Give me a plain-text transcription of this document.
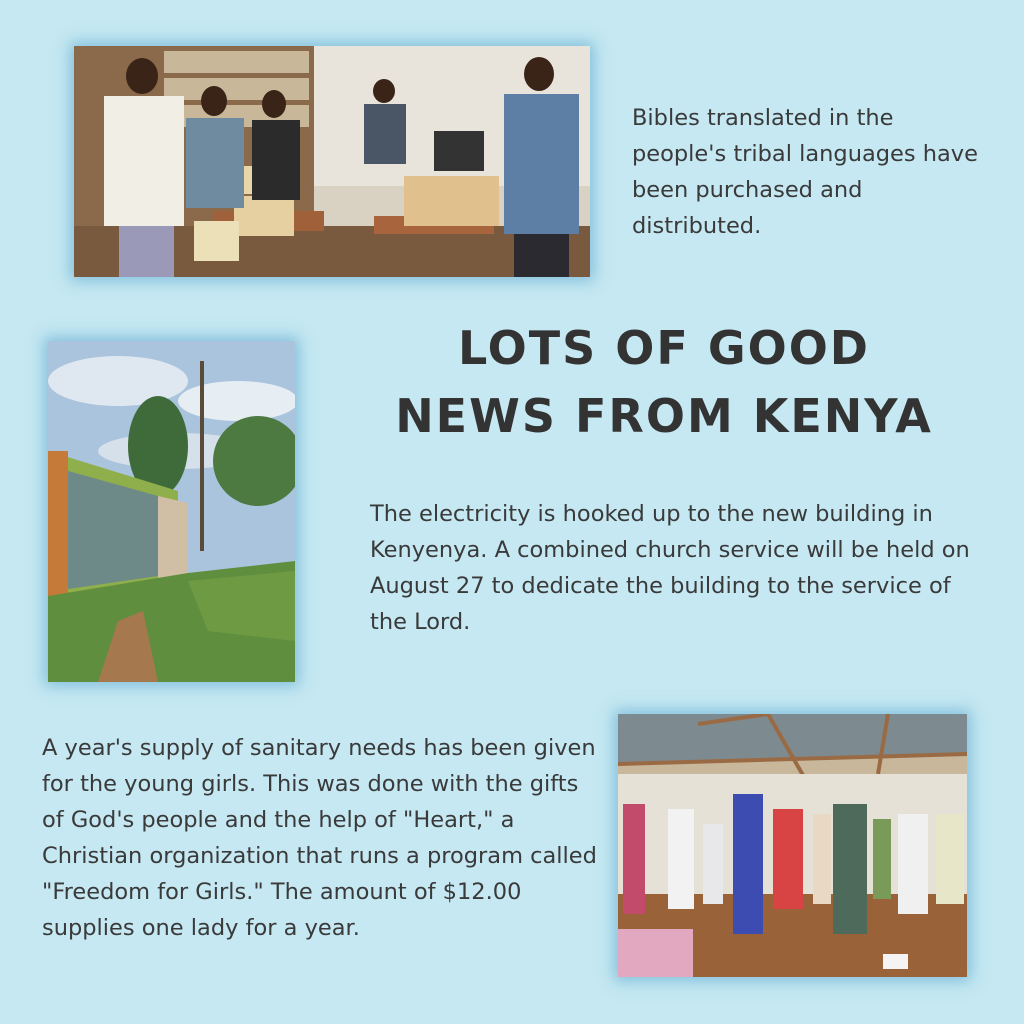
Bibles translated in the people's tribal languages have been purchased and distributed.

LOTS OF GOOD
NEWS FROM KENYA

The electricity is hooked up to the new building in Kenyenya. A combined church service will be held on August 27 to dedicate the building to the service of the Lord.

A year's supply of sanitary needs has been given for the young girls. This was done with the gifts of God's people and the help of "Heart," a Christian organization that runs a program called "Freedom for Girls." The amount of $12.00 supplies one lady for a year.
